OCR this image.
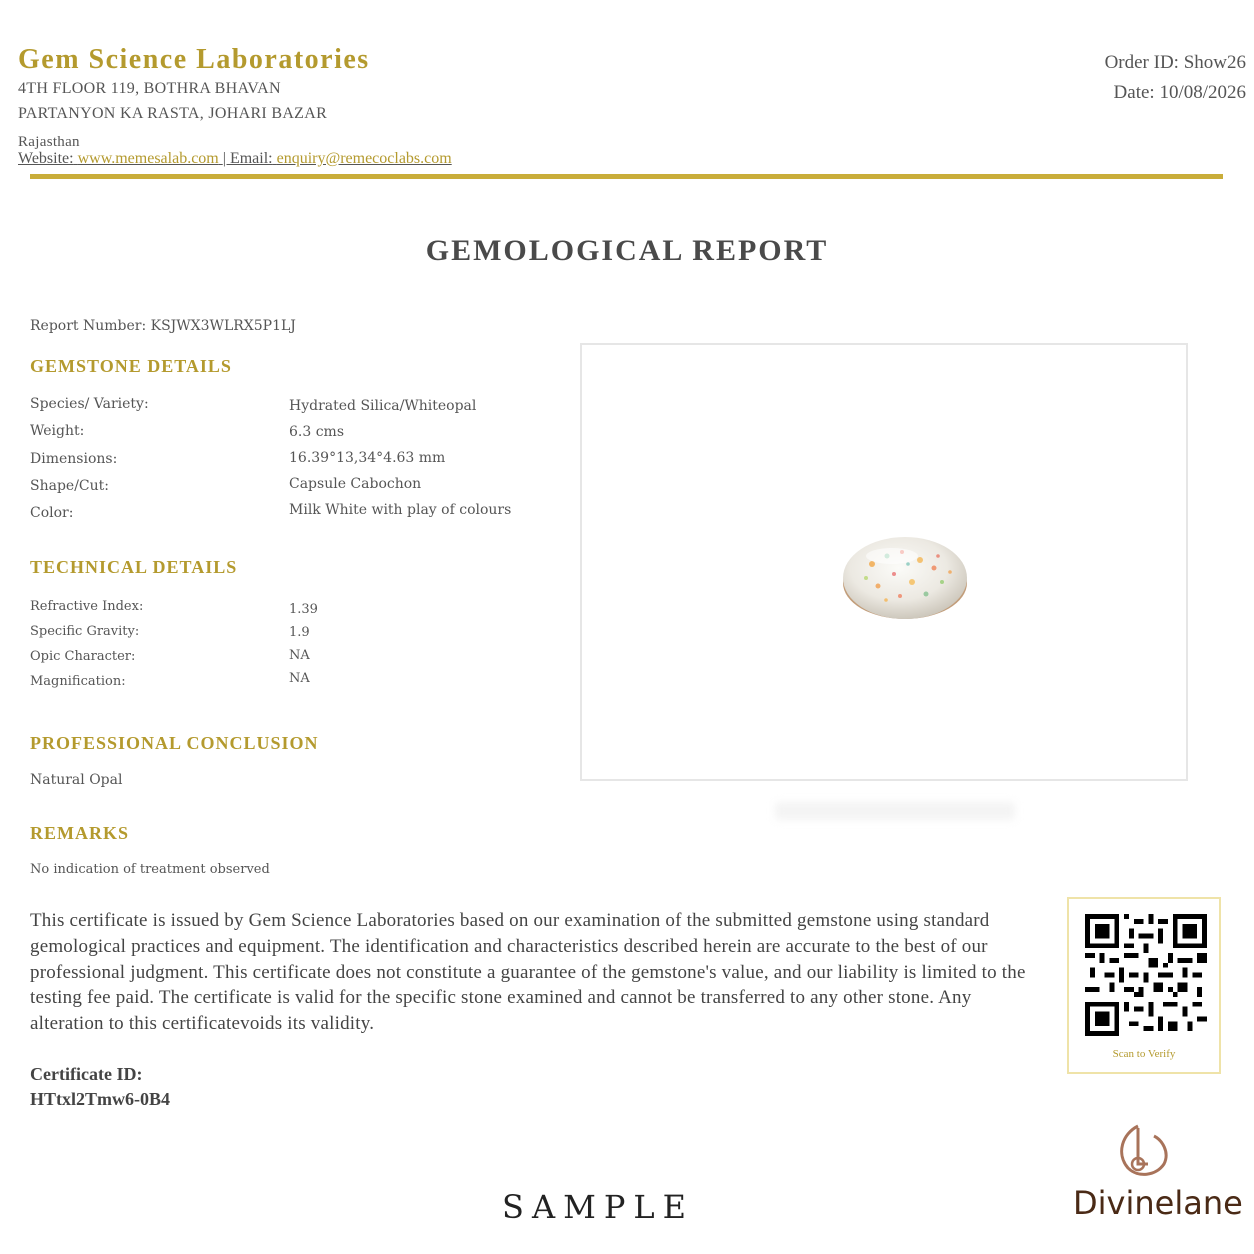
Gem Science Laboratories
4TH FLOOR 119, BOTHRA BHAVAN
PARTANYON KA RASTA, JOHARI BAZAR
Rajasthan
Website: www.memesalab.com | Email: enquiry@remecoclabs.com
Order ID: Show26
Date: 10/08/2026
GEMOLOGICAL REPORT
Report Number: KSJWX3WLRX5P1LJ
GEMSTONE DETAILS
Species/ Variety:	Hydrated Silica/Whiteopal
Weight:	6.3 cms
Dimensions:	16.39°13,34°4.63 mm
Shape/Cut:	Capsule Cabochon
Color:	Milk White with play of colours
TECHNICAL DETAILS
Refractive Index:	1.39
Specific Gravity:	1.9
Opic Character:	NA
Magnification:	NA
PROFESSIONAL CONCLUSION
Natural Opal
REMARKS
No indication of treatment observed
This certificate is issued by Gem Science Laboratories based on our examination of the submitted gemstone using standard gemological practices and equipment. The identification and characteristics described herein are accurate to the best of our professional judgment. This certificate does not constitute a guarantee of the gemstone's value, and our liability is limited to the testing fee paid. The certificate is valid for the specific stone examined and cannot be transferred to any other stone. Any alteration to this certificatevoids its validity.
Certificate ID:
HTtxl2Tmw6-0B4
Scan to Verify
SAMPLE	Divinelane
